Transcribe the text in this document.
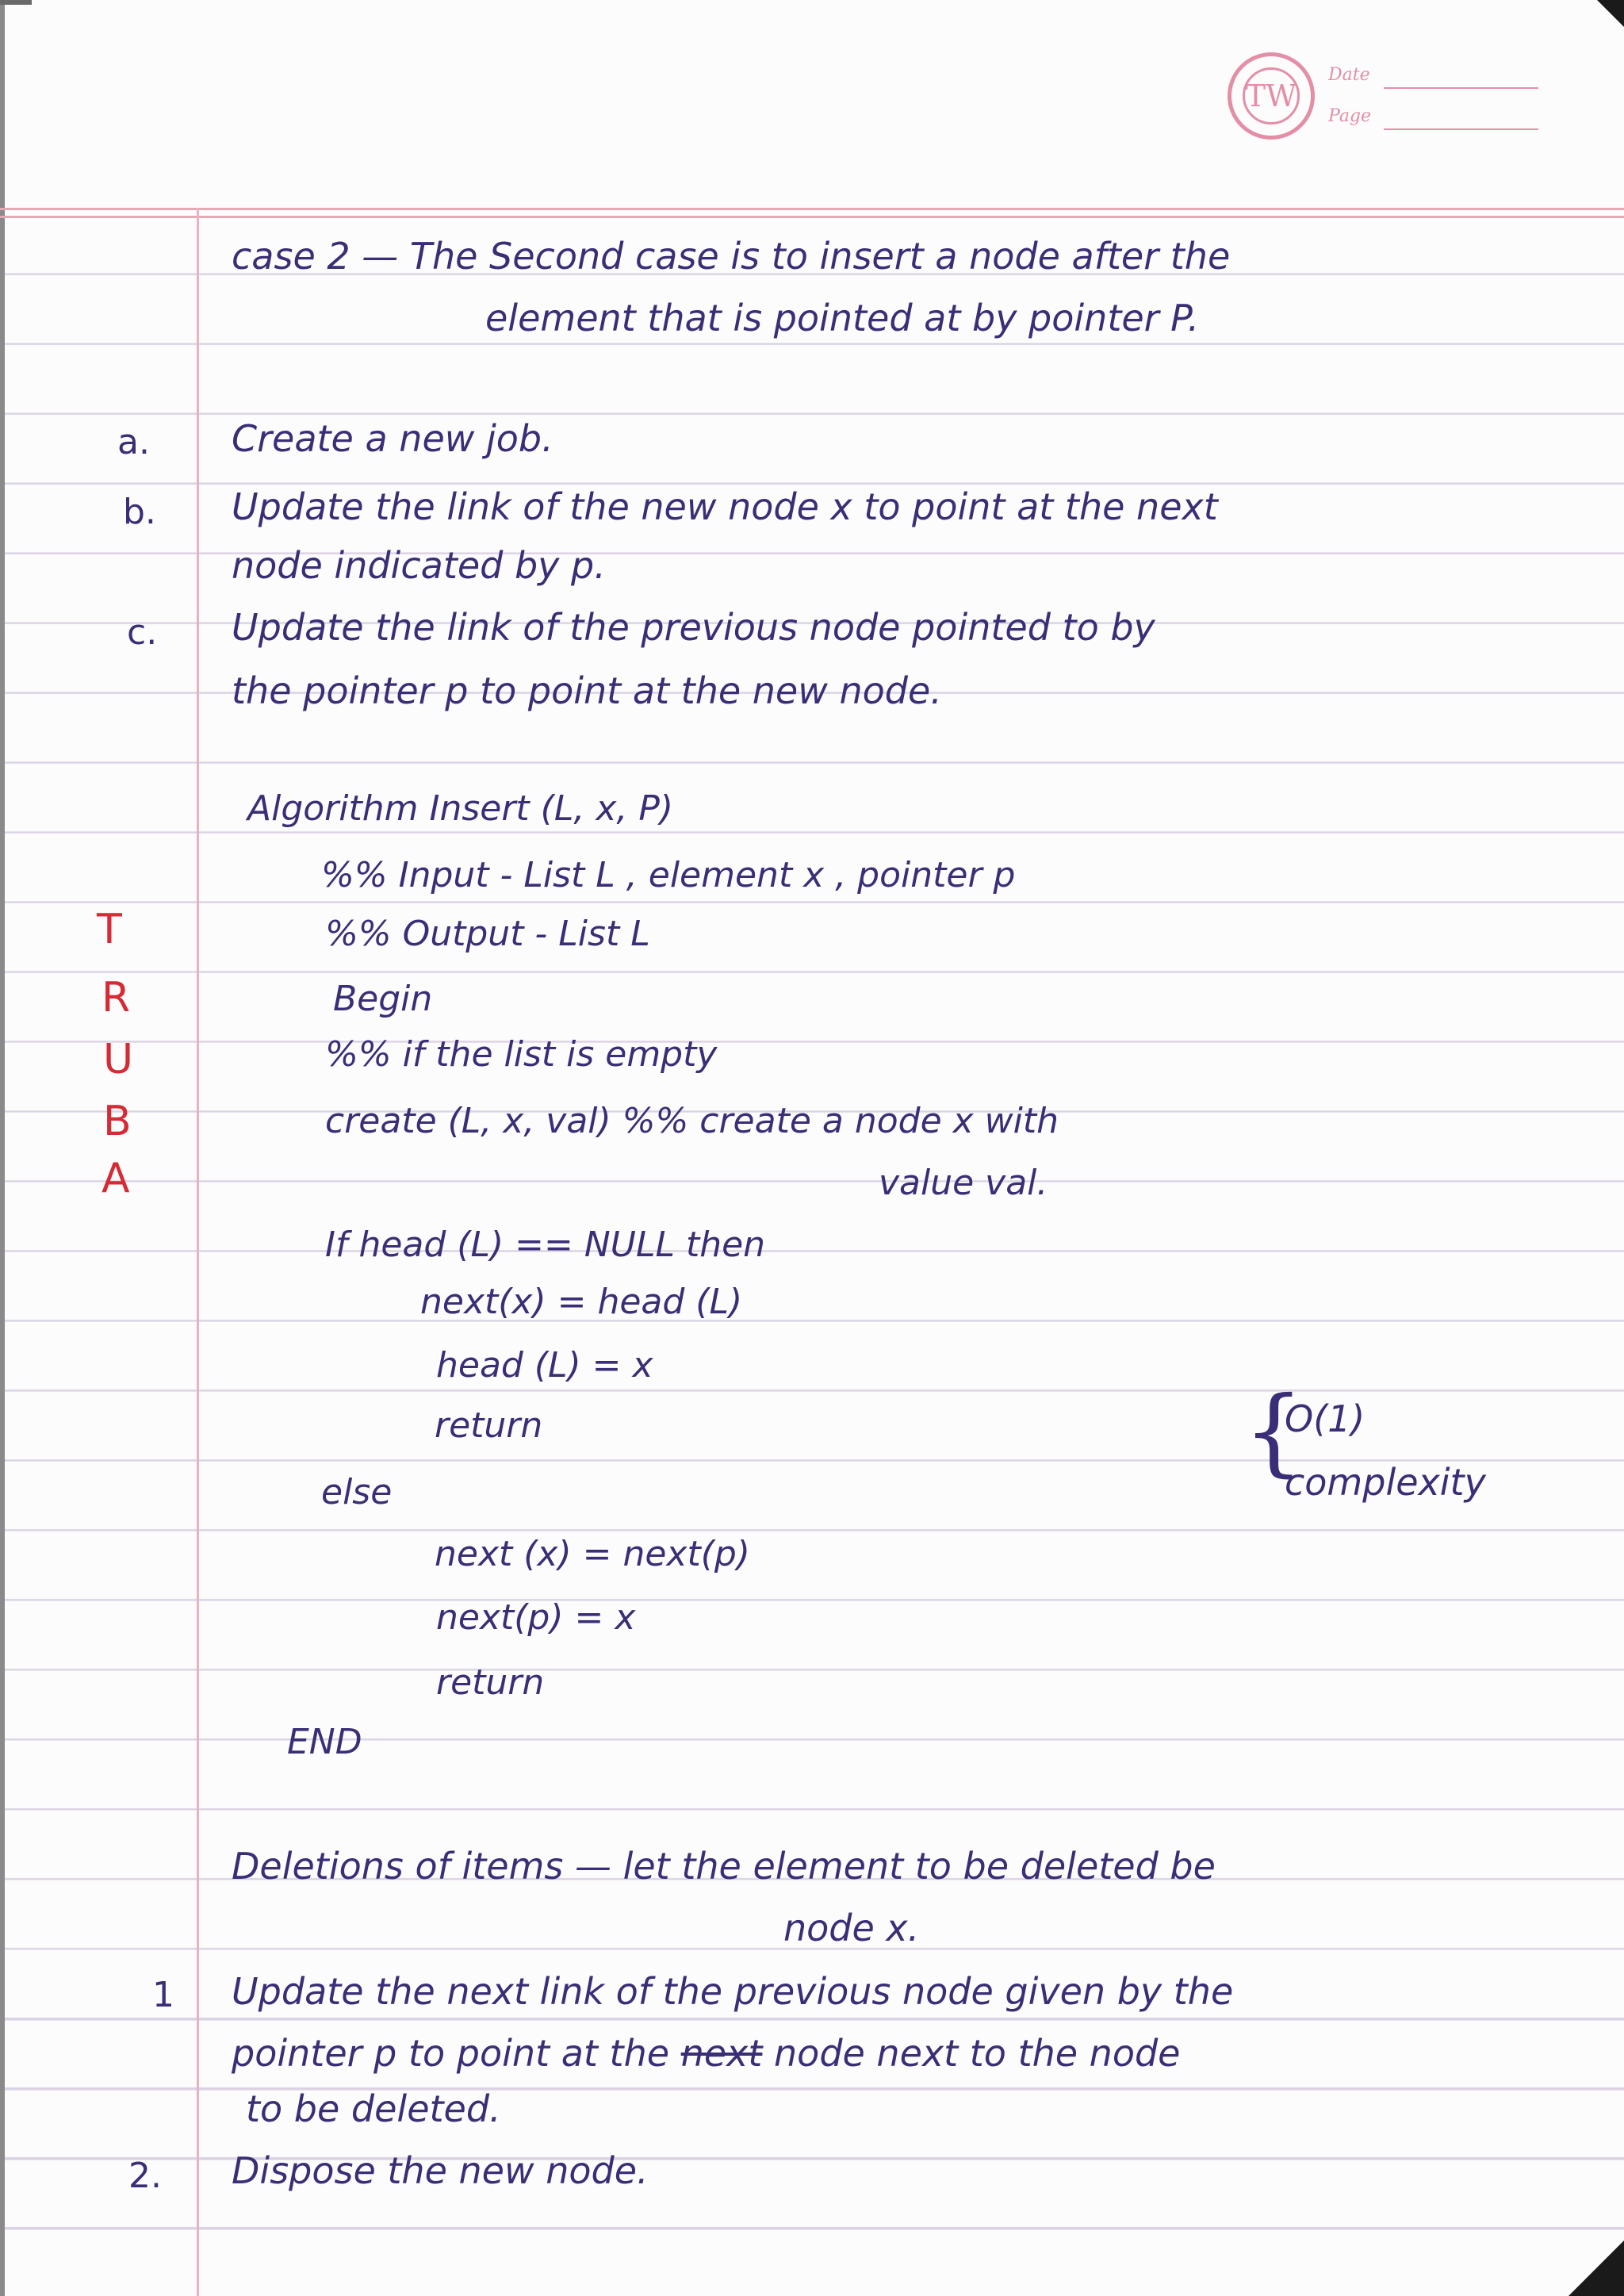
TW
Date
Page
case 2 — The Second case is to insert a node after the
element that is pointed at by pointer P.
a. Create a new job.
b. Update the link of the new node x to point at the next
node indicated by p.
c. Update the link of the previous node pointed to by
the pointer p to point at the new node.
T
R
U
B
A
Algorithm Insert (L, x, P)
%% Input - List L , element x , pointer p
%% Output - List L
Begin
%% if the list is empty
create (L, x, val) %% create a node x with
value val.
If head (L) == NULL then
next(x) = head (L)
head (L) = x
return
else
next (x) = next(p)
next(p) = x
return
END
{
O(1)
complexity
Deletions of items — let the element to be deleted be
node x.
1 Update the next link of the previous node given by the
pointer p to point at the next node next to the node
to be deleted.
2. Dispose the new node.
